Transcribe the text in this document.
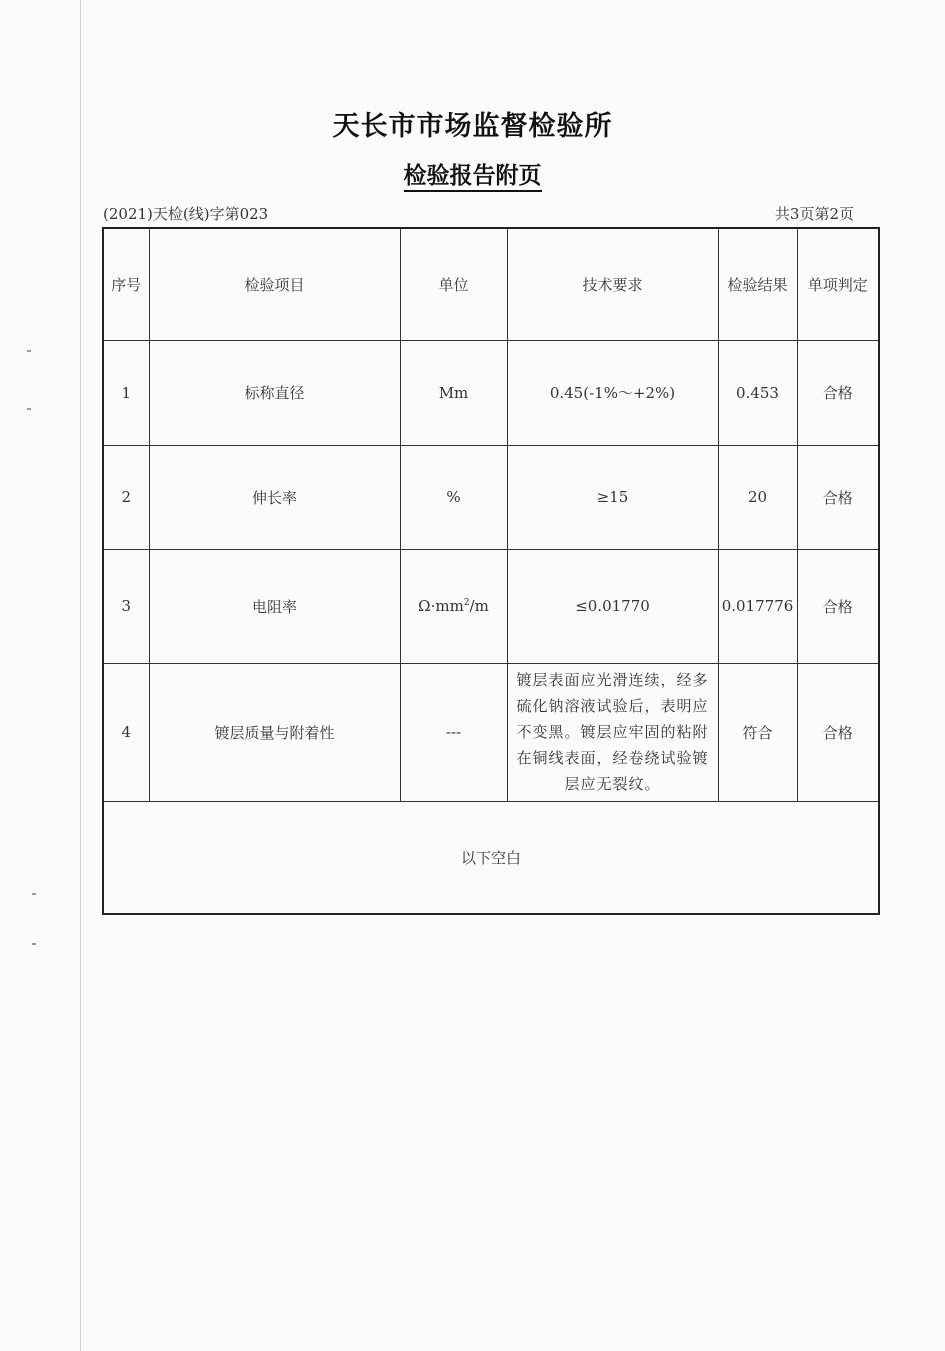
天长市市场监督检验所
检验报告附页
(2021)天检(线)字第023	共3页第2页
序号	检验项目	单位	技术要求	检验结果	单项判定
1	标称直径	Mm	0.45(-1%～+2%)	0.453	合格
2	伸长率	%	≥15	20	合格
3	电阻率	$\Omega\cdot mm^2/m$	≤0.01770	0.017776	合格
4	镀层质量与附着性	---	镀层表面应光滑连续，经多硫化钠溶液试验后，表明应不变黑。镀层应牢固的粘附在铜线表面，经卷绕试验镀层应无裂纹。	符合	合格
以下空白					
